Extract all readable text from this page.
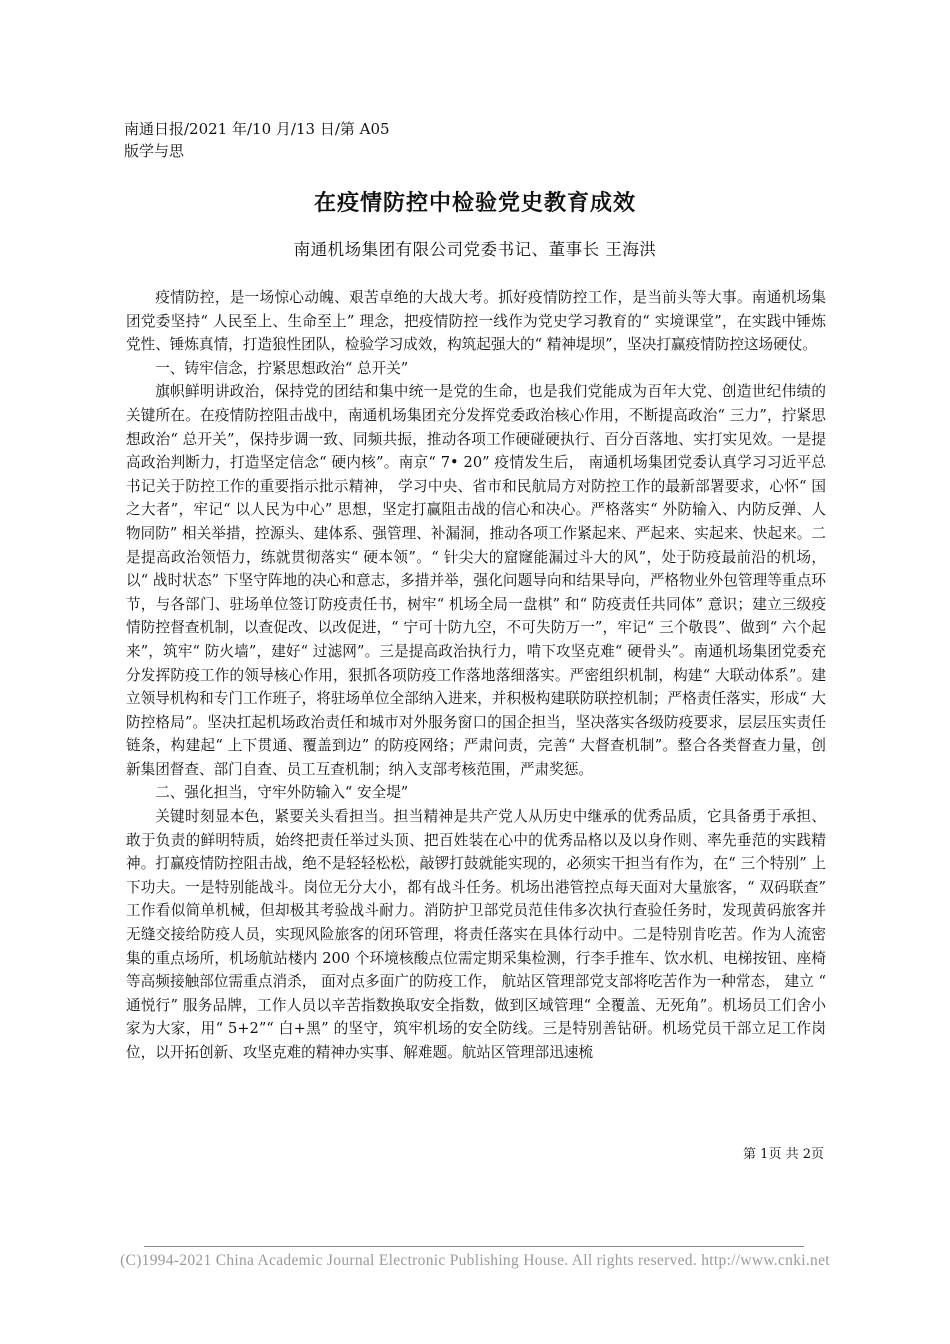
南通日报/2021 年/10 月/13 日/第 A05
版学与思
在疫情防控中检验党史教育成效
南通机场集团有限公司党委书记、董事长 王海洪

疫情防控，是一场惊心动魄、艰苦卓绝的大战大考。抓好疫情防控工作，是当前头等大事。南通机场集团党委坚持“ 人民至上、生命至上” 理念，把疫情防控一线作为党史学习教育的“ 实境课堂”，在实践中锤炼党性、锤炼真情，打造狼性团队，检验学习成效，构筑起强大的“ 精神堤坝”，坚决打赢疫情防控这场硬仗。

一、铸牢信念，拧紧思想政治“ 总开关”

旗帜鲜明讲政治，保持党的团结和集中统一是党的生命，也是我们党能成为百年大党、创造世纪伟绩的关键所在。在疫情防控阻击战中，南通机场集团充分发挥党委政治核心作用，不断提高政治“ 三力”，拧紧思想政治“ 总开关”，保持步调一致、同频共振，推动各项工作硬碰硬执行、百分百落地、实打实见效。一是提高政治判断力，打造坚定信念“ 硬内核”。南京“ 7• 20” 疫情发生后， 南通机场集团党委认真学习习近平总书记关于防控工作的重要指示批示精神， 学习中央、省市和民航局方对防控工作的最新部署要求，心怀“ 国之大者”，牢记“ 以人民为中心” 思想，坚定打赢阻击战的信心和决心。严格落实“ 外防输入、内防反弹、人物同防” 相关举措，控源头、建体系、强管理、补漏洞，推动各项工作紧起来、严起来、实起来、快起来。二是提高政治领悟力，练就贯彻落实“ 硬本领”。“ 针尖大的窟窿能漏过斗大的风”，处于防疫最前沿的机场，以“ 战时状态” 下坚守阵地的决心和意志，多措并举，强化问题导向和结果导向，严格物业外包管理等重点环节，与各部门、驻场单位签订防疫责任书，树牢“ 机场全局一盘棋” 和“ 防疫责任共同体” 意识；建立三级疫情防控督查机制，以查促改、以改促进，“ 宁可十防九空，不可失防万一”，牢记“ 三个敬畏”、做到“ 六个起来”，筑牢“ 防火墙”，建好“ 过滤网”。三是提高政治执行力，啃下攻坚克难“ 硬骨头”。南通机场集团党委充分发挥防疫工作的领导核心作用，狠抓各项防疫工作落地落细落实。严密组织机制，构建“ 大联动体系”。建立领导机构和专门工作班子，将驻场单位全部纳入进来，并积极构建联防联控机制；严格责任落实，形成“ 大防控格局”。坚决扛起机场政治责任和城市对外服务窗口的国企担当，坚决落实各级防疫要求，层层压实责任链条，构建起“ 上下贯通、覆盖到边” 的防疫网络；严肃问责，完善“ 大督查机制”。整合各类督查力量，创新集团督查、部门自查、员工互查机制；纳入支部考核范围，严肃奖惩。

二、强化担当，守牢外防输入“ 安全堤”

关键时刻显本色，紧要关头看担当。担当精神是共产党人从历史中继承的优秀品质，它具备勇于承担、敢于负责的鲜明特质，始终把责任举过头顶、把百姓装在心中的优秀品格以及以身作则、率先垂范的实践精神。打赢疫情防控阻击战，绝不是轻轻松松，敲锣打鼓就能实现的，必须实干担当有作为，在“ 三个特别” 上下功夫。一是特别能战斗。岗位无分大小，都有战斗任务。机场出港管控点每天面对大量旅客，“ 双码联查” 工作看似简单机械，但却极其考验战斗耐力。消防护卫部党员范佳伟多次执行查验任务时，发现黄码旅客并无缝交接给防疫人员，实现风险旅客的闭环管理，将责任落实在具体行动中。二是特别肯吃苦。作为人流密集的重点场所，机场航站楼内 200 个环境核酸点位需定期采集检测，行李手推车、饮水机、电梯按钮、座椅等高频接触部位需重点消杀， 面对点多面广的防疫工作， 航站区管理部党支部将吃苦作为一种常态， 建立 “ 通悦行” 服务品牌，工作人员以辛苦指数换取安全指数，做到区域管理“ 全覆盖、无死角”。机场员工们舍小家为大家，用“ 5+2”“ 白+黑” 的坚守，筑牢机场的安全防线。三是特别善钻研。机场党员干部立足工作岗位，以开拓创新、攻坚克难的精神办实事、解难题。航站区管理部迅速梳

第 1页 共 2页
(C)1994-2021 China Academic Journal Electronic Publishing House. All rights reserved. http://www.cnki.net
